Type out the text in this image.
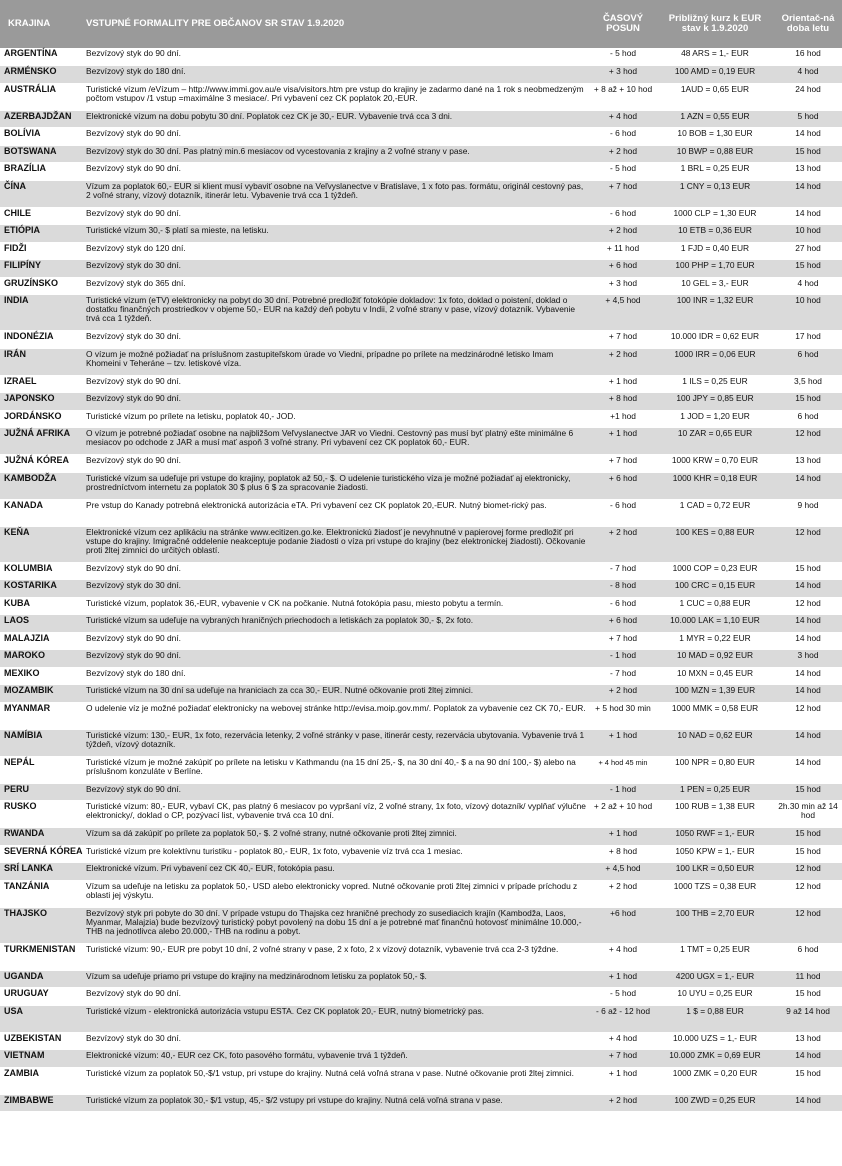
KRAJINA	VSTUPNÉ FORMALITY PRE OBČANOV SR STAV 1.9.2020	ČASOVÝ POSUN	Približný kurz k EUR stav k 1.9.2020	Orientač-ná doba letu
ARGENTÍNA	Bezvízový styk do 90 dní.	- 5 hod	48 ARS = 1,- EUR	16 hod
ARMÉNSKO	Bezvízový styk do 180 dní.	+ 3 hod	100 AMD = 0,19 EUR	4 hod
AUSTRÁLIA	Turistické vízum /eVízum – http://www.immi.gov.au/e visa/visitors.htm pre vstup do krajiny je zadarmo dané na 1 rok s neobmedzeným počtom vstupov /1 vstup =maximálne 3 mesiace/. Pri vybavení cez CK poplatok 20,-EUR.	+ 8 až + 10 hod	1AUD = 0,65 EUR	24 hod
AZERBAJDŽAN	Elektronické vízum na dobu pobytu 30 dní. Poplatok cez CK je 30,- EUR. Vybavenie trvá cca 3 dni.	+ 4 hod	1 AZN = 0,55 EUR	5 hod
BOLÍVIA	Bezvízový styk do 90 dní.	- 6 hod	10 BOB = 1,30 EUR	14 hod
BOTSWANA	Bezvízový styk do 30 dní. Pas platný min.6 mesiacov od vycestovania z krajiny a 2 voľné strany v pase.	+ 2 hod	10 BWP = 0,88 EUR	15 hod
BRAZÍLIA	Bezvízový styk do 90 dní.	- 5 hod	1 BRL = 0,25 EUR	13 hod
ČÍNA	Vízum za poplatok 60,- EUR si klient musí vybaviť osobne na Veľvyslanectve v Bratislave, 1 x foto pas. formátu, originál cestovný pas, 2 voľné strany, vízový dotazník, itinerár letu. Vybavenie trvá cca 1 týždeň.	+ 7 hod	1 CNY = 0,13 EUR	14 hod
CHILE	Bezvízový styk do 90 dní.	- 6 hod	1000 CLP = 1,30 EUR	14 hod
ETIÓPIA	Turistické vízum 30,- $ platí sa mieste, na letisku.	+ 2 hod	10 ETB = 0,36 EUR	10 hod
FIDŽI	Bezvízový styk do 120 dní.	+ 11 hod	1 FJD = 0,40 EUR	27 hod
FILIPÍNY	Bezvízový styk do 30 dní.	+ 6 hod	100 PHP = 1,70 EUR	15 hod
GRUZÍNSKO	Bezvízový styk do 365 dní.	+ 3 hod	10 GEL = 3,- EUR	4 hod
INDIA	Turistické vízum (eTV) elektronicky na pobyt do 30 dní. Potrebné predložiť fotokópie dokladov: 1x foto, doklad o poistení, doklad o dostatku finančných prostriedkov v objeme 50,- EUR na každý deň pobytu v Indii, 2 voľné strany v pase, vízový dotazník. Vybavenie trvá cca 1 týždeň.	+ 4,5 hod	100 INR = 1,32 EUR	10 hod
INDONÉZIA	Bezvízový styk do 30 dní.	+ 7 hod	10.000 IDR = 0,62 EUR	17 hod
IRÁN	O vízum je možné požiadať na príslušnom zastupiteľskom úrade vo Viedni, prípadne po prílete na medzinárodné letisko Imam Khomeini v Teheráne – tzv. letiskové víza.	+ 2 hod	1000 IRR = 0,06 EUR	6 hod
IZRAEL	Bezvízový styk do 90 dní.	+ 1 hod	1 ILS = 0,25 EUR	3,5 hod
JAPONSKO	Bezvízový styk do 90 dní.	+ 8 hod	100 JPY = 0,85 EUR	15 hod
JORDÁNSKO	Turistické vízum po prílete na letisku, poplatok 40,- JOD.	+1 hod	1 JOD = 1,20 EUR	6 hod
JUŽNÁ AFRIKA	O vízum je potrebné požiadať osobne na najbližšom Veľvyslanectve JAR vo Viedni. Cestovný pas musí byť platný ešte minimálne 6 mesiacov po odchode z JAR a musí mať aspoň 3 voľné strany. Pri vybavení cez CK poplatok 60,- EUR.	+ 1 hod	10 ZAR = 0,65 EUR	12 hod
JUŽNÁ KÓREA	Bezvízový styk do 90 dní.	+ 7 hod	1000 KRW = 0,70 EUR	13 hod
KAMBODŽA	Turistické vízum sa udeľuje pri vstupe do krajiny, poplatok až 50,- $. O udelenie turistického víza je možné požiadať aj elektronicky, prostredníctvom internetu za poplatok 30 $ plus 6 $ za spracovanie žiadosti.	+ 6 hod	1000 KHR = 0,18 EUR	14 hod
KANADA	Pre vstup do Kanady potrebná elektronická autorizácia eTA. Pri vybavení cez CK poplatok 20,-EUR. Nutný biomet-rický pas.	- 6 hod	1 CAD = 0,72 EUR	9 hod
KEŇA	Elektronické vízum cez aplikáciu na stránke www.ecitizen.go.ke. Elektronickú žiadosť je nevyhnutné v papierovej forme predložiť pri vstupe do krajiny. Imigračné oddelenie neakceptuje podanie žiadosti o víza pri vstupe do krajiny (bez elektronickej žiadosti). Očkovanie proti žltej zimnici do určitých oblastí.	+ 2 hod	100 KES = 0,88 EUR	12 hod
KOLUMBIA	Bezvízový styk do 90 dní.	- 7 hod	1000 COP = 0,23 EUR	15 hod
KOSTARIKA	Bezvízový styk do 30 dní.	- 8 hod	100 CRC = 0,15 EUR	14 hod
KUBA	Turistické vízum, poplatok 36,-EUR, vybavenie v CK na počkanie. Nutná fotokópia pasu, miesto pobytu a termín.	- 6 hod	1 CUC = 0,88 EUR	12 hod
LAOS	Turistické vízum sa udeľuje na vybraných hraničných priechodoch a letiskách za poplatok 30,- $, 2x foto.	+ 6 hod	10.000 LAK = 1,10 EUR	14 hod
MALAJZIA	Bezvízový styk do 90 dní.	+ 7 hod	1 MYR = 0,22 EUR	14 hod
MAROKO	Bezvízový styk do 90 dní.	- 1 hod	10 MAD = 0,92 EUR	3 hod
MEXIKO	Bezvízový styk do 180 dní.	- 7 hod	10 MXN = 0,45 EUR	14 hod
MOZAMBIK	Turistické vízum na 30 dní sa udeľuje na hraniciach za cca 30,- EUR. Nutné očkovanie proti žltej zimnici.	+ 2 hod	100 MZN = 1,39 EUR	14 hod
MYANMAR	O udelenie víz je možné požiadať elektronicky na webovej stránke http://evisa.moip.gov.mm/. Poplatok za vybavenie cez CK 70,- EUR.	+ 5 hod 30 min	1000 MMK = 0,58 EUR	12 hod
NAMÍBIA	Turistické vízum: 130,- EUR, 1x foto, rezervácia letenky, 2 voľné stránky v pase, itinerár cesty, rezervácia ubytovania. Vybavenie trvá 1 týždeň, vízový dotazník.	+ 1 hod	10 NAD = 0,62 EUR	14 hod
NEPÁL	Turistické vízum je možné zakúpiť po prílete na letisku v Kathmandu (na 15 dní 25,- $, na 30 dní 40,- $ a na 90 dní 100,- $) alebo na príslušnom konzuláte v Berlíne.	+ 4 hod 45 min	100 NPR = 0,80 EUR	14 hod
PERU	Bezvízový styk do 90 dní.	- 1 hod	1 PEN = 0,25 EUR	15 hod
RUSKO	Turistické vízum: 80,- EUR, vybaví CK, pas platný 6 mesiacov po vypršaní víz, 2 voľné strany, 1x foto, vízový dotazník/ vyplňať výlučne elektronicky/, doklad o CP, pozývací list, vybavenie trvá cca 10 dní.	+ 2 až + 10 hod	100 RUB = 1,38 EUR	2h.30 min až 14 hod
RWANDA	Vízum sa dá zakúpiť po prílete za poplatok 50,- $. 2 voľné strany, nutné očkovanie proti žltej zimnici.	+ 1 hod	1050 RWF = 1,- EUR	15 hod
SEVERNÁ KÓREA	Turistické vízum pre kolektívnu turistiku - poplatok 80,- EUR, 1x foto, vybavenie víz trvá cca 1 mesiac.	+ 8 hod	1050 KPW = 1,- EUR	15 hod
SRÍ LANKA	Elektronické vízum. Pri vybavení cez CK 40,- EUR, fotokópia pasu.	+ 4,5 hod	100 LKR = 0,50 EUR	12 hod
TANZÁNIA	Vízum sa udeľuje na letisku za poplatok 50,- USD alebo elektronicky vopred. Nutné očkovanie proti žltej zimnici v prípade príchodu z oblasti jej výskytu.	+ 2 hod	1000 TZS = 0,38 EUR	12 hod
THAJSKO	Bezvízový styk pri pobyte do 30 dní. V prípade vstupu do Thajska cez hraničné prechody zo susediacich krajín (Kambodža, Laos, Myanmar, Malajzia) bude bezvízový turistický pobyt povolený na dobu 15 dní a je potrebné mať finančnú hotovosť minimálne 10.000,- THB na jednotlivca alebo 20.000,- THB na rodinu a pobyt.	+6 hod	100 THB = 2,70 EUR	12 hod
TURKMENISTAN	Turistické vízum: 90,- EUR pre pobyt 10 dní, 2 voľné strany v pase, 2 x foto, 2 x vízový dotazník, vybavenie trvá cca 2-3 týždne.	+ 4 hod	1 TMT = 0,25 EUR	6 hod
UGANDA	Vízum sa udeľuje priamo pri vstupe do krajiny na medzinárodnom letisku za poplatok 50,- $.	+ 1 hod	4200 UGX = 1,- EUR	11 hod
URUGUAY	Bezvízový styk do 90 dní.	- 5 hod	10 UYU = 0,25 EUR	15 hod
USA	Turistické vízum - elektronická autorizácia vstupu ESTA. Cez CK poplatok 20,- EUR, nutný biometrický pas.	- 6 až - 12 hod	1 $ = 0,88 EUR	9 až 14 hod
UZBEKISTAN	Bezvízový styk do 30 dní.	+ 4 hod	10.000 UZS = 1,- EUR	13 hod
VIETNAM	Elektronické vízum: 40,- EUR cez CK, foto pasového formátu, vybavenie trvá 1 týždeň.	+ 7 hod	10.000 ZMK = 0,69 EUR	14 hod
ZAMBIA	Turistické vízum za poplatok 50,-$/1 vstup, pri vstupe do krajiny. Nutná celá voľná strana v pase. Nutné očkovanie proti žltej zimnici.	+ 1 hod	1000 ZMK = 0,20 EUR	15 hod
ZIMBABWE	Turistické vízum za poplatok 30,- $/1 vstup, 45,- $/2 vstupy pri vstupe do krajiny. Nutná celá voľná strana v pase.	+ 2 hod	100 ZWD = 0,25 EUR	14 hod
